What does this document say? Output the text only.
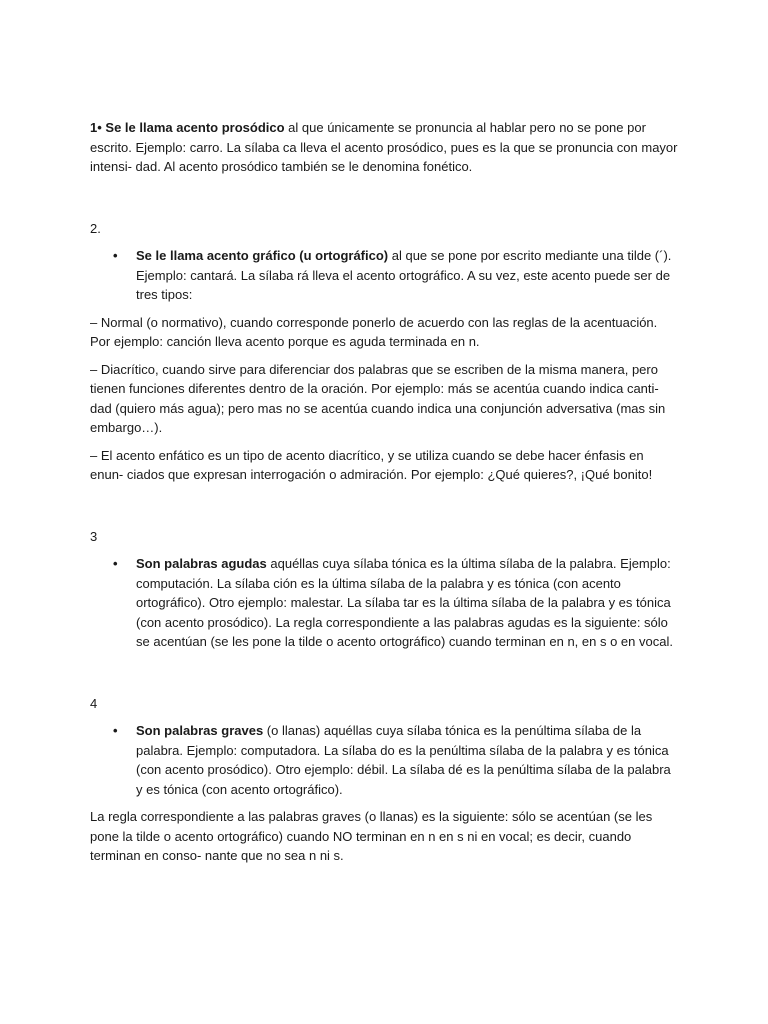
1• Se le llama acento prosódico al que únicamente se pronuncia al hablar pero no se pone por escrito. Ejemplo: carro. La sílaba ca lleva el acento prosódico, pues es la que se pronuncia con mayor intensi- dad. Al acento prosódico también se le denomina fonético.

2.

• Se le llama acento gráfico (u ortográfico) al que se pone por escrito mediante una tilde (´). Ejemplo: cantará. La sílaba rá lleva el acento ortográfico. A su vez, este acento puede ser de tres tipos:

– Normal (o normativo), cuando corresponde ponerlo de acuerdo con las reglas de la acentuación. Por ejemplo: canción lleva acento porque es aguda terminada en n.

– Diacrítico, cuando sirve para diferenciar dos palabras que se escriben de la misma manera, pero tienen funciones diferentes dentro de la oración. Por ejemplo: más se acentúa cuando indica canti- dad (quiero más agua); pero mas no se acentúa cuando indica una conjunción adversativa (mas sin embargo…).

– El acento enfático es un tipo de acento diacrítico, y se utiliza cuando se debe hacer énfasis en enun- ciados que expresan interrogación o admiración. Por ejemplo: ¿Qué quieres?, ¡Qué bonito!

3

• Son palabras agudas aquéllas cuya sílaba tónica es la última sílaba de la palabra. Ejemplo: computación. La sílaba ción es la última sílaba de la palabra y es tónica (con acento ortográfico). Otro ejemplo: malestar. La sílaba tar es la última sílaba de la palabra y es tónica (con acento prosódico). La regla correspondiente a las palabras agudas es la siguiente: sólo se acentúan (se les pone la tilde o acento ortográfico) cuando terminan en n, en s o en vocal.

4

• Son palabras graves (o llanas) aquéllas cuya sílaba tónica es la penúltima sílaba de la palabra. Ejemplo: computadora. La sílaba do es la penúltima sílaba de la palabra y es tónica (con acento prosódico). Otro ejemplo: débil. La sílaba dé es la penúltima sílaba de la palabra y es tónica (con acento ortográfico).

La regla correspondiente a las palabras graves (o llanas) es la siguiente: sólo se acentúan (se les pone la tilde o acento ortográfico) cuando NO terminan en n en s ni en vocal; es decir, cuando terminan en conso- nante que no sea n ni s.
